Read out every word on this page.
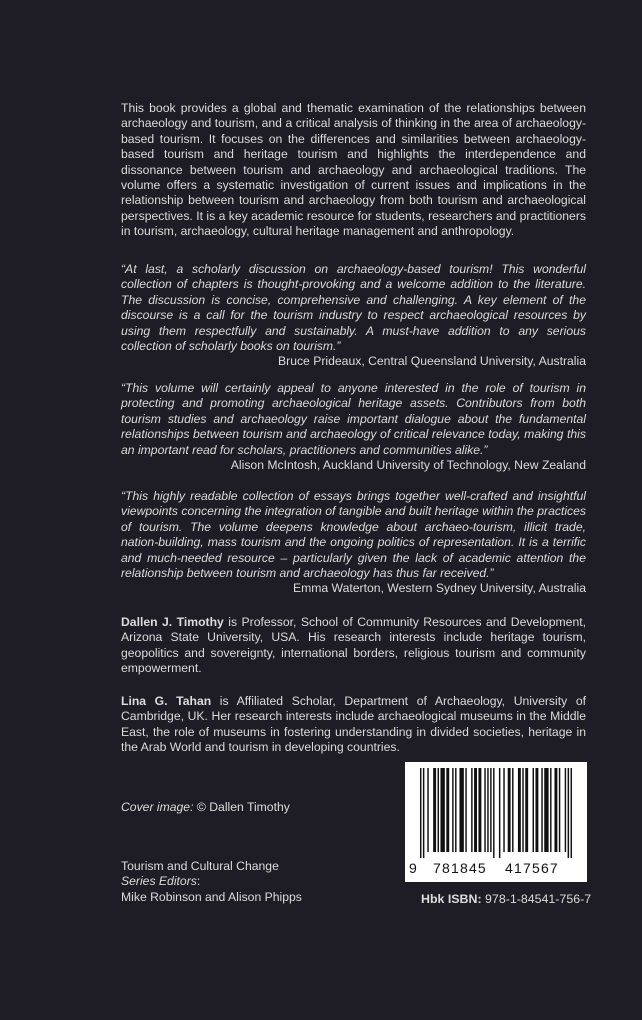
This book provides a global and thematic examination of the relationships between archaeology and tourism, and a critical analysis of thinking in the area of archaeology-based tourism. It focuses on the differences and similarities between archaeology-based tourism and heritage tourism and highlights the interdependence and dissonance between tourism and archaeology and archaeological traditions. The volume offers a systematic investigation of current issues and implications in the relationship between tourism and archaeology from both tourism and archaeological perspectives. It is a key academic resource for students, researchers and practitioners in tourism, archaeology, cultural heritage management and anthropology.

“At last, a scholarly discussion on archaeology-based tourism! This wonderful collection of chapters is thought-provoking and a welcome addition to the literature. The discussion is concise, comprehensive and challenging. A key element of the discourse is a call for the tourism industry to respect archaeological resources by using them respectfully and sustainably. A must-have addition to any serious collection of scholarly books on tourism.”
Bruce Prideaux, Central Queensland University, Australia
“This volume will certainly appeal to anyone interested in the role of tourism in protecting and promoting archaeological heritage assets. Contributors from both tourism studies and archaeology raise important dialogue about the fundamental relationships between tourism and archaeology of critical relevance today, making this an important read for scholars, practitioners and communities alike.”
Alison McIntosh, Auckland University of Technology, New Zealand
“This highly readable collection of essays brings together well-crafted and insightful viewpoints concerning the integration of tangible and built heritage within the practices of tourism. The volume deepens knowledge about archaeo-tourism, illicit trade, nation-building, mass tourism and the ongoing politics of representation. It is a terrific and much-needed resource – particularly given the lack of academic attention the relationship between tourism and archaeology has thus far received.”
Emma Waterton, Western Sydney University, Australia

Dallen J. Timothy is Professor, School of Community Resources and Development, Arizona State University, USA. His research interests include heritage tourism, geopolitics and sovereignty, international borders, religious tourism and community empowerment.

Lina G. Tahan is Affiliated Scholar, Department of Archaeology, University of Cambridge, UK. Her research interests include archaeological museums in the Middle East, the role of museums in fostering understanding in divided societies, heritage in the Arab World and tourism in developing countries.

Cover image: © Dallen Timothy
Tourism and Cultural Change
Series Editors:
Mike Robinson and Alison Phipps
9 781845 417567
Hbk ISBN: 978-1-84541-756-7
